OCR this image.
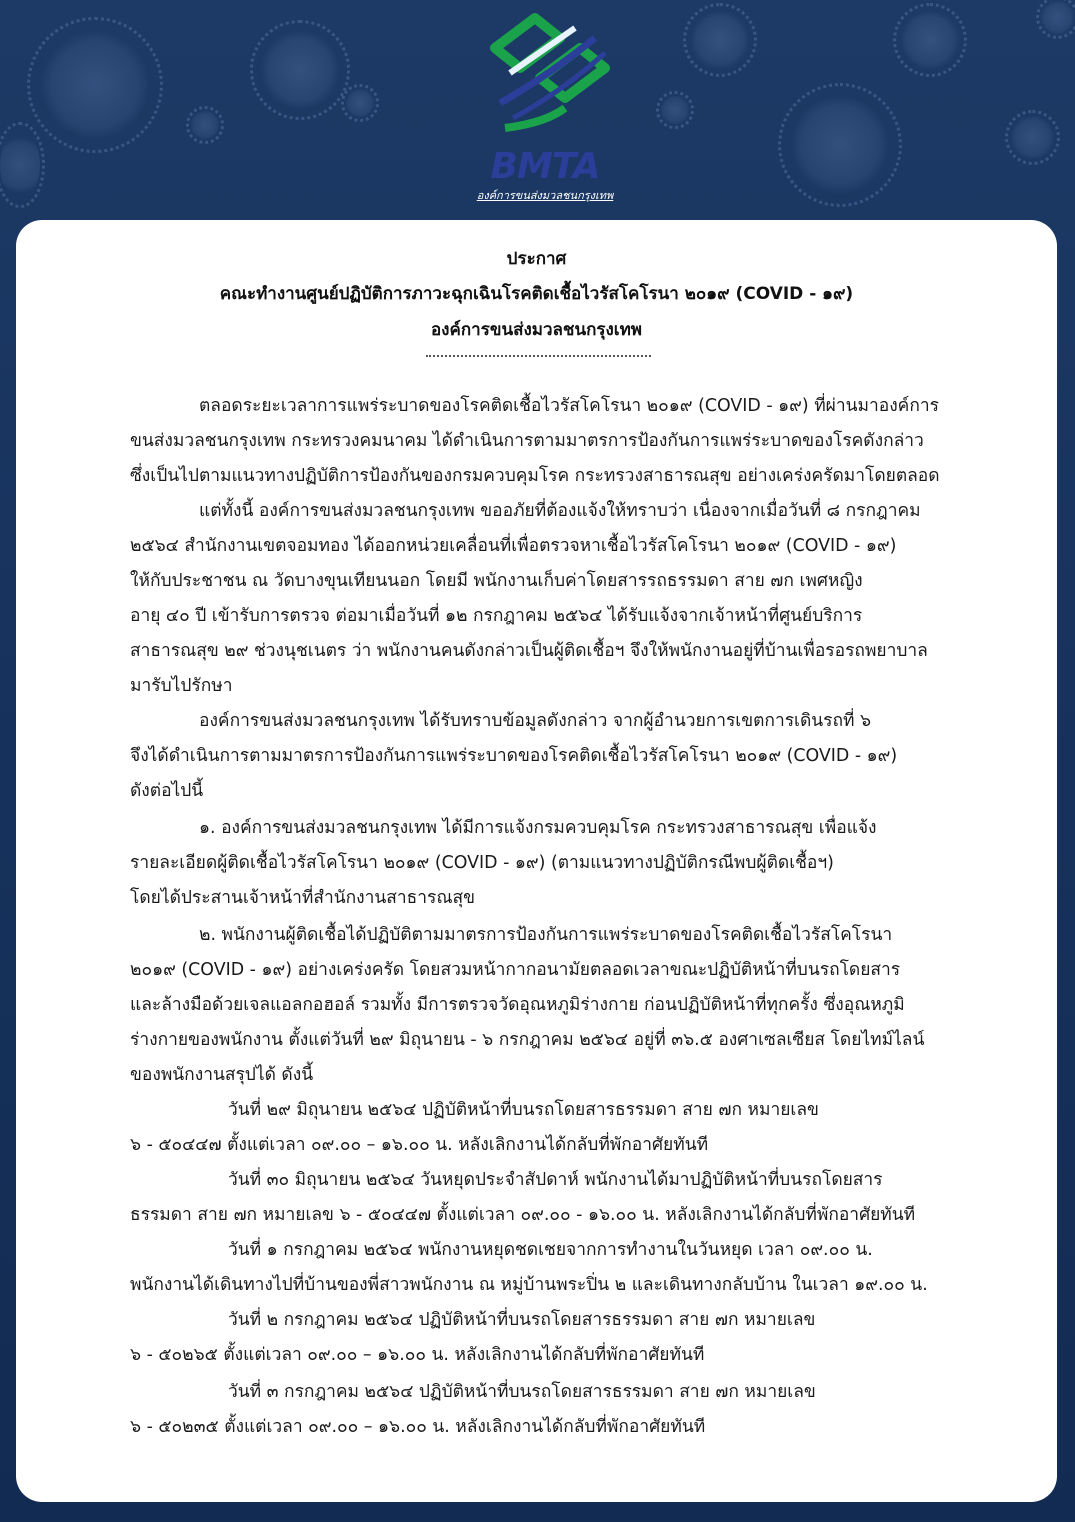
BMTA
องค์การขนส่งมวลชนกรุงเทพ
ประกาศ
คณะทำงานศูนย์ปฏิบัติการภาวะฉุกเฉินโรคติดเชื้อไวรัสโคโรนา ๒๐๑๙ (COVID - ๑๙)
องค์การขนส่งมวลชนกรุงเทพ
ตลอดระยะเวลาการแพร่ระบาดของโรคติดเชื้อไวรัสโคโรนา ๒๐๑๙ (COVID - ๑๙) ที่ผ่านมาองค์การ
ขนส่งมวลชนกรุงเทพ กระทรวงคมนาคม ได้ดำเนินการตามมาตรการป้องกันการแพร่ระบาดของโรคดังกล่าว
ซึ่งเป็นไปตามแนวทางปฏิบัติการป้องกันของกรมควบคุมโรค กระทรวงสาธารณสุข อย่างเคร่งครัดมาโดยตลอด
แต่ทั้งนี้ องค์การขนส่งมวลชนกรุงเทพ ขออภัยที่ต้องแจ้งให้ทราบว่า เนื่องจากเมื่อวันที่ ๘ กรกฎาคม
๒๕๖๔ สำนักงานเขตจอมทอง ได้ออกหน่วยเคลื่อนที่เพื่อตรวจหาเชื้อไวรัสโคโรนา ๒๐๑๙ (COVID - ๑๙)
ให้กับประชาชน ณ วัดบางขุนเทียนนอก โดยมี พนักงานเก็บค่าโดยสารรถธรรมดา สาย ๗ก เพศหญิง
อายุ ๔๐ ปี เข้ารับการตรวจ ต่อมาเมื่อวันที่ ๑๒ กรกฎาคม ๒๕๖๔ ได้รับแจ้งจากเจ้าหน้าที่ศูนย์บริการ
สาธารณสุข ๒๙ ช่วงนุชเนตร ว่า พนักงานคนดังกล่าวเป็นผู้ติดเชื้อฯ จึงให้พนักงานอยู่ที่บ้านเพื่อรอรถพยาบาล
มารับไปรักษา
องค์การขนส่งมวลชนกรุงเทพ ได้รับทราบข้อมูลดังกล่าว จากผู้อำนวยการเขตการเดินรถที่ ๖
จึงได้ดำเนินการตามมาตรการป้องกันการแพร่ระบาดของโรคติดเชื้อไวรัสโคโรนา ๒๐๑๙ (COVID - ๑๙)
ดังต่อไปนี้
๑. องค์การขนส่งมวลชนกรุงเทพ ได้มีการแจ้งกรมควบคุมโรค กระทรวงสาธารณสุข เพื่อแจ้ง
รายละเอียดผู้ติดเชื้อไวรัสโคโรนา ๒๐๑๙ (COVID - ๑๙) (ตามแนวทางปฏิบัติกรณีพบผู้ติดเชื้อฯ)
โดยได้ประสานเจ้าหน้าที่สำนักงานสาธารณสุข
๒. พนักงานผู้ติดเชื้อได้ปฏิบัติตามมาตรการป้องกันการแพร่ระบาดของโรคติดเชื้อไวรัสโคโรนา
๒๐๑๙ (COVID - ๑๙) อย่างเคร่งครัด โดยสวมหน้ากากอนามัยตลอดเวลาขณะปฏิบัติหน้าที่บนรถโดยสาร
และล้างมือด้วยเจลแอลกอฮอล์ รวมทั้ง มีการตรวจวัดอุณหภูมิร่างกาย ก่อนปฏิบัติหน้าที่ทุกครั้ง ซึ่งอุณหภูมิ
ร่างกายของพนักงาน ตั้งแต่วันที่ ๒๙ มิถุนายน - ๖ กรกฎาคม ๒๕๖๔ อยู่ที่ ๓๖.๕ องศาเซลเซียส โดยไทม์ไลน์
ของพนักงานสรุปได้ ดังนี้
วันที่ ๒๙ มิถุนายน ๒๕๖๔ ปฏิบัติหน้าที่บนรถโดยสารธรรมดา สาย ๗ก หมายเลข
๖ - ๕๐๔๔๗ ตั้งแต่เวลา ๐๙.๐๐ – ๑๖.๐๐ น. หลังเลิกงานได้กลับที่พักอาศัยทันที
วันที่ ๓๐ มิถุนายน ๒๕๖๔ วันหยุดประจำสัปดาห์ พนักงานได้มาปฏิบัติหน้าที่บนรถโดยสาร
ธรรมดา สาย ๗ก หมายเลข ๖ - ๕๐๔๔๗ ตั้งแต่เวลา ๐๙.๐๐ - ๑๖.๐๐ น. หลังเลิกงานได้กลับที่พักอาศัยทันที
วันที่ ๑ กรกฎาคม ๒๕๖๔ พนักงานหยุดชดเชยจากการทำงานในวันหยุด เวลา ๐๙.๐๐ น.
พนักงานได้เดินทางไปที่บ้านของพี่สาวพนักงาน ณ หมู่บ้านพระปิ่น ๒ และเดินทางกลับบ้าน ในเวลา ๑๙.๐๐ น.
วันที่ ๒ กรกฎาคม ๒๕๖๔ ปฏิบัติหน้าที่บนรถโดยสารธรรมดา สาย ๗ก หมายเลข
๖ - ๕๐๒๖๕ ตั้งแต่เวลา ๐๙.๐๐ – ๑๖.๐๐ น. หลังเลิกงานได้กลับที่พักอาศัยทันที
วันที่ ๓ กรกฎาคม ๒๕๖๔ ปฏิบัติหน้าที่บนรถโดยสารธรรมดา สาย ๗ก หมายเลข
๖ - ๕๐๒๓๕ ตั้งแต่เวลา ๐๙.๐๐ – ๑๖.๐๐ น. หลังเลิกงานได้กลับที่พักอาศัยทันที
